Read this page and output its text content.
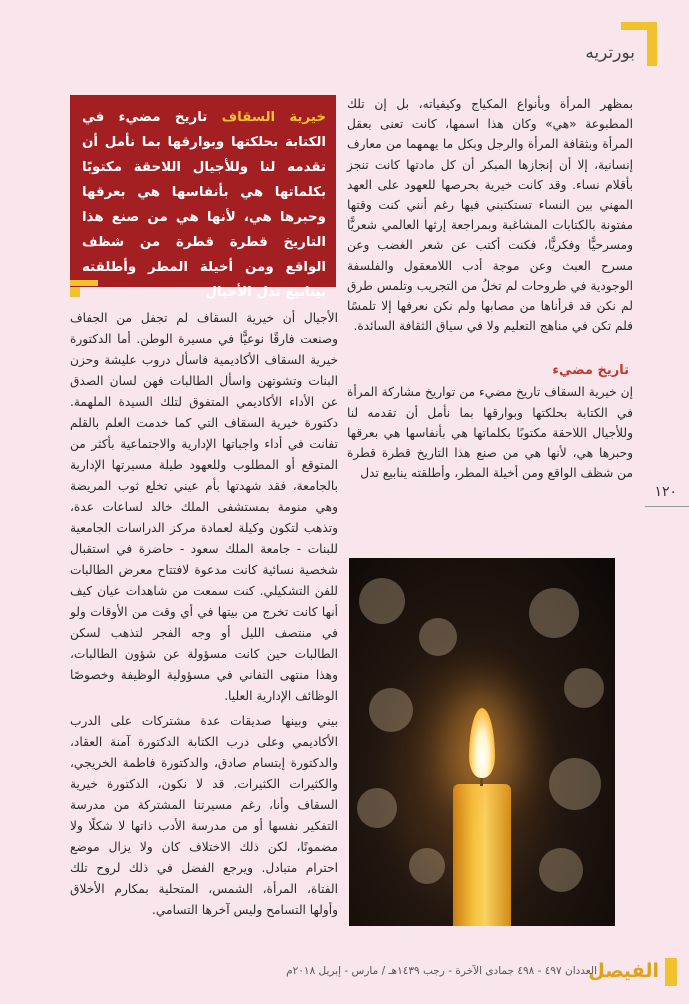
بورتريه
١٢٠

بمظهر المرأة وبأنواع المكياج وكيفياته، بل إن تلك المطبوعة «هي» وكان هذا اسمها، كانت تعنى بعقل المرأة وبثقافة المرأة والرجل وبكل ما يهمهما من معارف إنسانية، إلا أن إنجازها المبكر أن كل مادتها كانت تنجز بأقلام نساء. وقد كانت خيرية بحرصها للعهود على العهد المهني بين النساء تستكتبني فيها رغم أنني كنت وقتها مفتونة بالكتابات المشاغبة وبمراجعة إرثها العالمي شعريًّا ومسرحيًّا وفكريًّا، فكنت أكتب عن شعر الغضب وعن مسرح العبث وعن موجة أدب اللامعقول والفلسفة الوجودية في طروحات لم تخلُ من التجريب وتلمس طرق لم نكن قد قرأناها من مصابها ولم نكن نعرفها إلا تلمسًا فلم تكن في مناهج التعليم ولا في سياق الثقافة السائدة.

تاريخ مضيء

إن خيرية السقاف تاريخ مضيء من تواريخ مشاركة المرأة في الكتابة بحلكتها وبوارقها بما نأمل أن تقدمه لنا وللأجيال اللاحقة مكتوبًا بكلماتها هي بأنفاسها هي بعرقها وحبرها هي، لأنها هي من صنع هذا التاريخ قطرة قطرة من شظف الواقع ومن أخيلة المطر، وأطلقته ينابيع تدل

خيرية السقاف تاريخ مضيء في الكتابة بحلكتها وبوارقها بما نأمل أن تقدمه لنا وللأجيال اللاحقة مكتوبًا بكلماتها هي بأنفاسها هي بعرقها وحبرها هي، لأنها هي من صنع هذا التاريخ قطرة قطرة من شظف الواقع ومن أخيلة المطر وأطلقته بينابيع تدل الأجيال

الأجيال أن خيرية السقاف لم تجفل من الجفاف وصنعت فارقًا نوعيًّا في مسيرة الوطن. أما الدكتورة خيرية السقاف الأكاديمية فاسأل دروب عليشة وحزن البنات وتشوتهن واسأل الطالبات فهن لسان الصدق عن الأداء الأكاديمي المتفوق لتلك السيدة الملهمة. دكتورة خيرية السقاف التي كما خدمت العلم بالقلم تفانت في أداء واجباتها الإدارية والاجتماعية بأكثر من المتوقع أو المطلوب وللعهود طيلة مسيرتها الإدارية بالجامعة، فقد شهدتها بأم عيني تخلع ثوب المريضة وهي منومة بمستشفى الملك خالد لساعات عدة، وتذهب لتكون وكيلة لعمادة مركز الدراسات الجامعية للبنات - جامعة الملك سعود - حاضرة في استقبال شخصية نسائية كانت مدعوة لافتتاح معرض الطالبات للفن التشكيلي. كنت سمعت من شاهدات عيان كيف أنها كانت تخرج من بيتها في أي وقت من الأوقات ولو في منتصف الليل أو وجه الفجر لتذهب لسكن الطالبات حين كانت مسؤولة عن شؤون الطالبات، وهذا منتهى التفاني في مسؤولية الوظيفة وخصوصًا الوظائف الإدارية العليا.

بيني وبينها صديقات عدة مشتركات على الدرب الأكاديمي وعلى درب الكتابة الدكتورة آمنة العقاد، والدكتورة إبتسام صادق، والدكتورة فاطمة الخريجي، والكثيرات الكثيرات. قد لا نكون، الدكتورة خيرية السقاف وأنا، رغم مسيرتنا المشتركة من مدرسة التفكير نفسها أو من مدرسة الأدب ذاتها لا شكلًا ولا مضمونًا، لكن ذلك الاختلاف كان ولا يزال موضع احترام متبادل. ويرجع الفضل في ذلك لروح تلك الفتاة، المرأة، الشمس، المتحلية بمكارم الأخلاق وأولها التسامح وليس آخرها التسامي.

الفيصل
العددان ٤٩٧ - ٤٩٨ جمادى الآخرة - رجب ١٤٣٩هـ / مارس - إبريل ٢٠١٨م
